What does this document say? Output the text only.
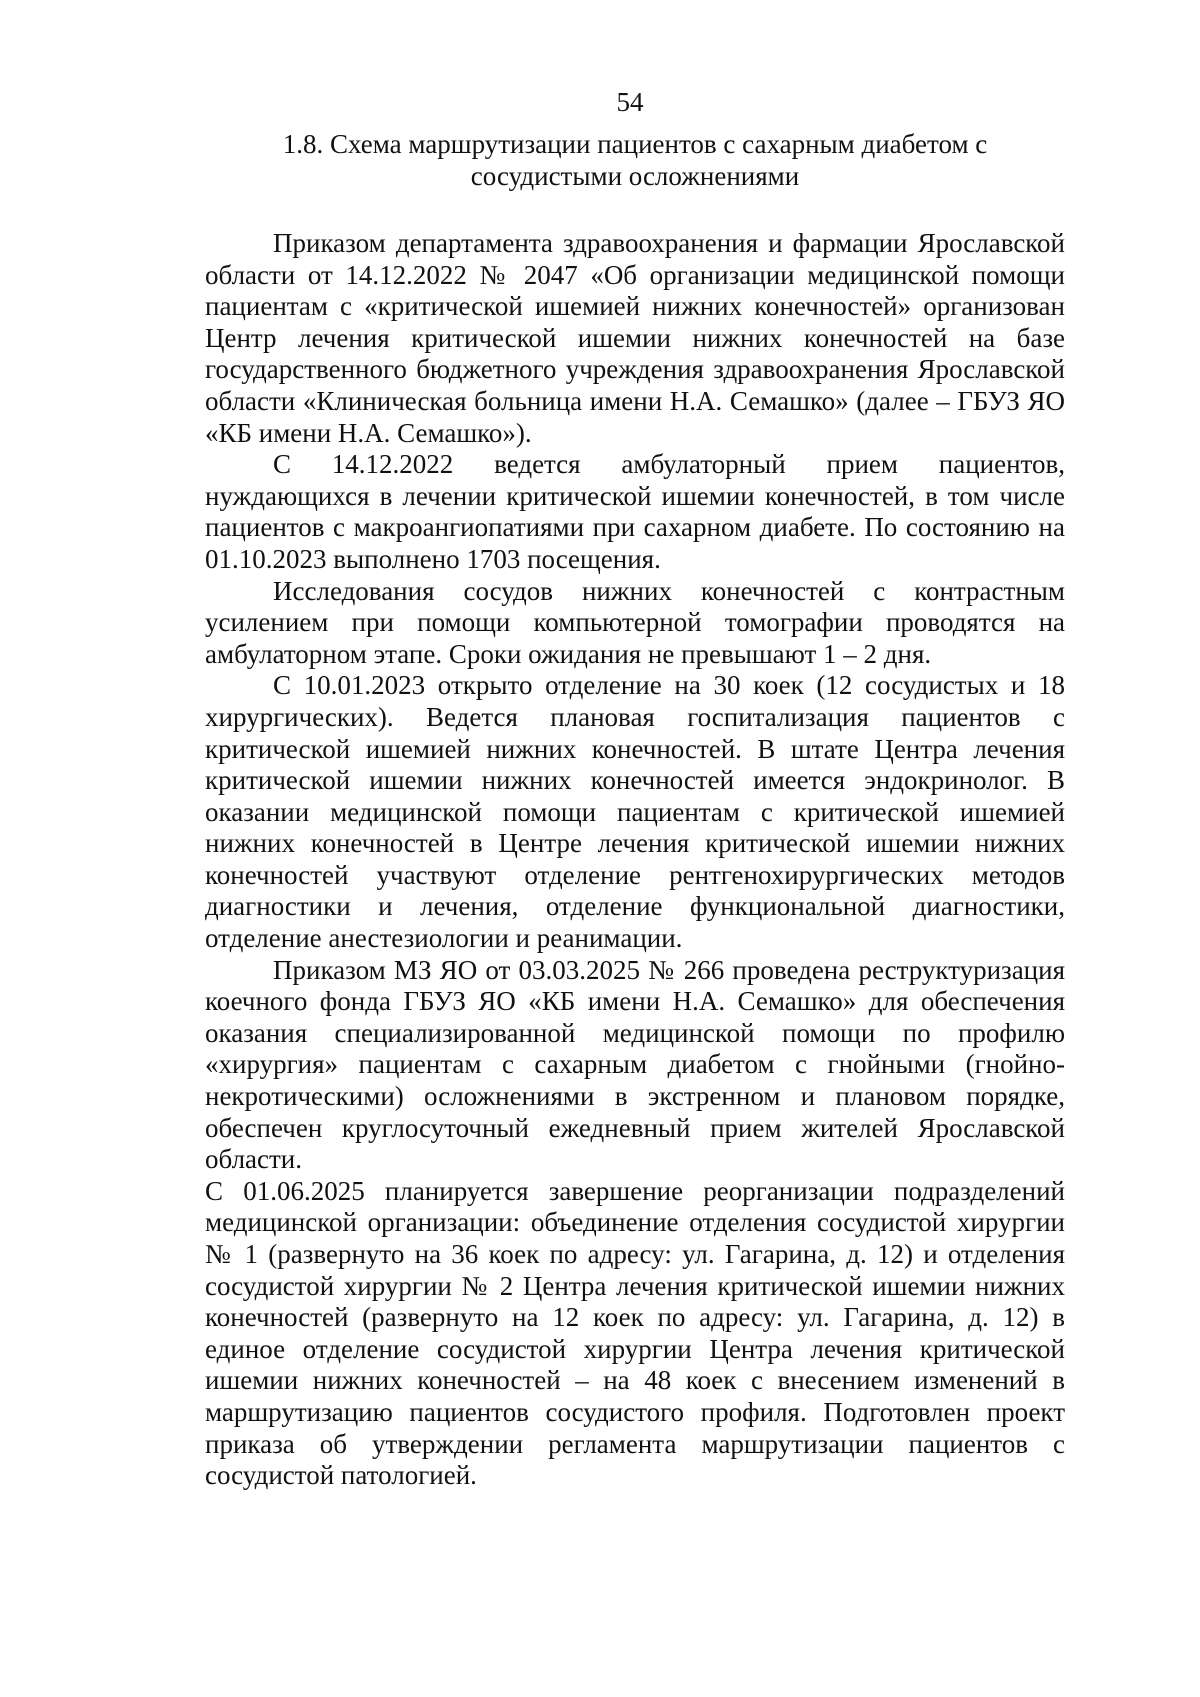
54
1.8. Схема маршрутизации пациентов с сахарным диабетом с сосудистыми осложнениями

Приказом департамента здравоохранения и фармации Ярославской области от 14.12.2022 № 2047 «Об организации медицинской помощи пациентам с «критической ишемией нижних конечностей» организован Центр лечения критической ишемии нижних конечностей на базе государственного бюджетного учреждения здравоохранения Ярославской области «Клиническая больница имени Н.А. Семашко» (далее – ГБУЗ ЯО «КБ имени Н.А. Семашко»).

С 14.12.2022 ведется амбулаторный прием пациентов, нуждающихся в лечении критической ишемии конечностей, в том числе пациентов с макроангиопатиями при сахарном диабете. По состоянию на 01.10.2023 выполнено 1703 посещения.

Исследования сосудов нижних конечностей с контрастным усилением при помощи компьютерной томографии проводятся на амбулаторном этапе. Сроки ожидания не превышают 1 – 2 дня.

С 10.01.2023 открыто отделение на 30 коек (12 сосудистых и 18 хирургических). Ведется плановая госпитализация пациентов с критической ишемией нижних конечностей. В штате Центра лечения критической ишемии нижних конечностей имеется эндокринолог. В оказании медицинской помощи пациентам с критической ишемией нижних конечностей в Центре лечения критической ишемии нижних конечностей участвуют отделение рентгенохирургических методов диагностики и лечения, отделение функциональной диагностики, отделение анестезиологии и реанимации.

Приказом МЗ ЯО от 03.03.2025 № 266 проведена реструктуризация коечного фонда ГБУЗ ЯО «КБ имени Н.А. Семашко» для обеспечения оказания специализированной медицинской помощи по профилю «хирургия» пациентам с сахарным диабетом с гнойными (гнойно-некротическими) осложнениями в экстренном и плановом порядке, обеспечен круглосуточный ежедневный прием жителей Ярославской области.

С 01.06.2025 планируется завершение реорганизации подразделений медицинской организации: объединение отделения сосудистой хирургии № 1 (развернуто на 36 коек по адресу: ул. Гагарина, д. 12) и отделения сосудистой хирургии № 2 Центра лечения критической ишемии нижних конечностей (развернуто на 12 коек по адресу: ул. Гагарина, д. 12) в единое отделение сосудистой хирургии Центра лечения критической ишемии нижних конечностей – на 48 коек с внесением изменений в маршрутизацию пациентов сосудистого профиля. Подготовлен проект приказа об утверждении регламента маршрутизации пациентов с сосудистой патологией.
